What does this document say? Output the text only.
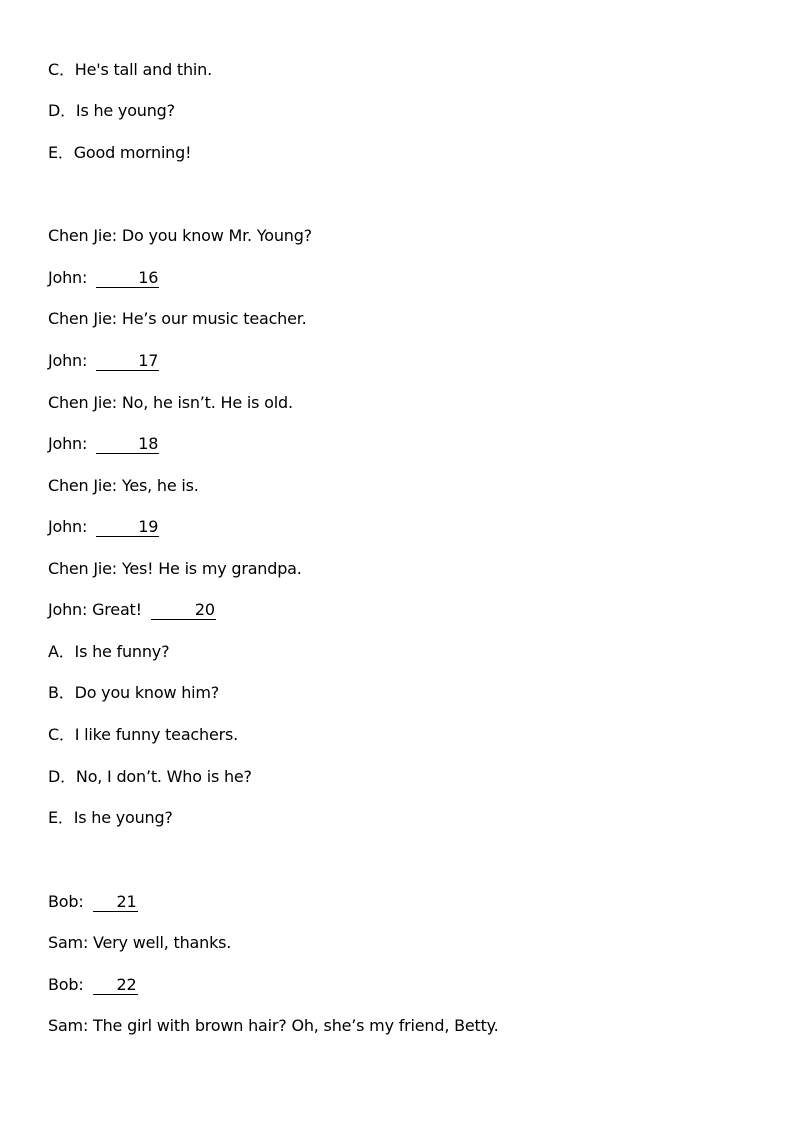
C．He's tall and thin.
D．Is he young?
E．Good morning!
Chen Jie: Do you know Mr. Young?
John:	16
Chen Jie: He’s our music teacher.
John:	17
Chen Jie: No, he isn’t. He is old.
John:	18
Chen Jie: Yes, he is.
John:	19
Chen Jie: Yes! He is my grandpa.
John: Great!	20
A．Is he funny?
B．Do you know him?
C．I like funny teachers.
D．No, I don’t. Who is he?
E．Is he young?
Bob: 21
Sam: Very well, thanks.
Bob: 22
Sam: The girl with brown hair? Oh, she’s my friend, Betty.
